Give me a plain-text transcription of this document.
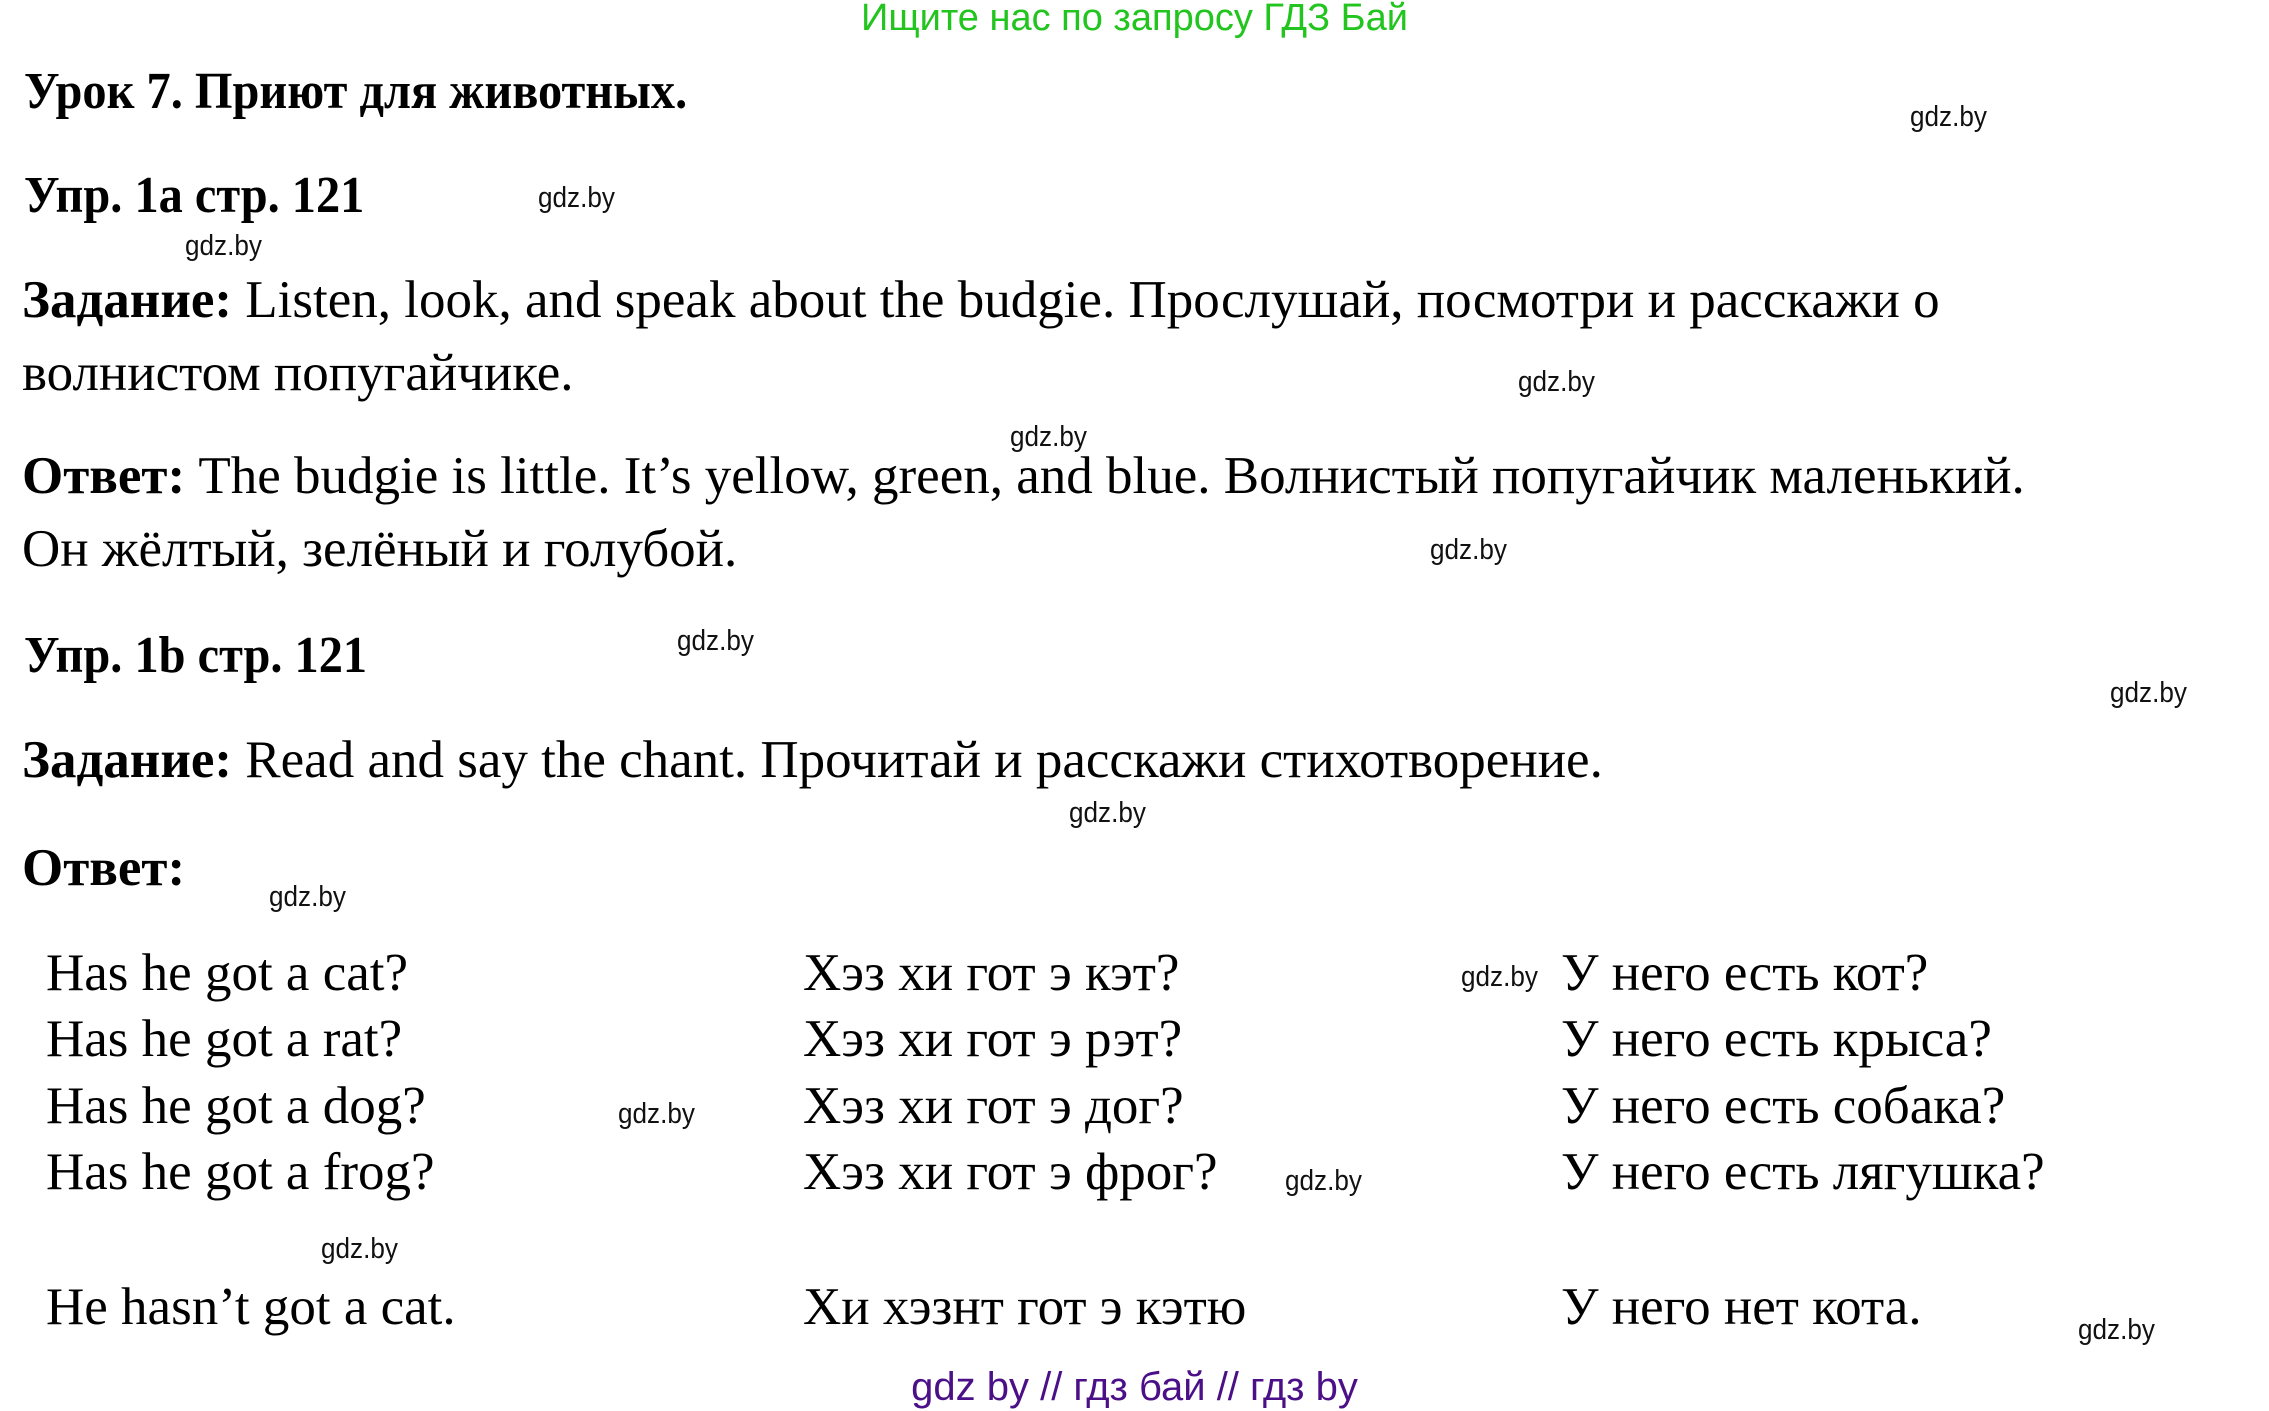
Ищите нас по запросу ГДЗ Бай
Урок 7. Приют для животных.
Упр. 1a стр. 121
Задание: Listen, look, and speak about the budgie. Прослушай, посмотри и расскажи о
волнистом попугайчике.
Ответ: The budgie is little. It’s yellow, green, and blue. Волнистый попугайчик маленький.
Он жёлтый, зелёный и голубой.
Упр. 1b стр. 121
Задание: Read and say the chant. Прочитай и расскажи стихотворение.
Ответ:
Has he got a cat?	Хэз хи гот э кэт?	У него есть кот?
Has he got a rat?	Хэз хи гот э рэт?	У него есть крыса?
Has he got a dog?	Хэз хи гот э дог?	У него есть собака?
Has he got a frog?	Хэз хи гот э фрог?	У него есть лягушка?
He hasn’t got a cat.	Хи хэзнт гот э кэтю	У него нет кота.
gdz.by
gdz.by
gdz.by
gdz.by
gdz.by
gdz.by
gdz.by
gdz.by
gdz.by
gdz.by
gdz.by
gdz.by
gdz.by
gdz.by
gdz.by
gdz by // гдз бай // гдз by
